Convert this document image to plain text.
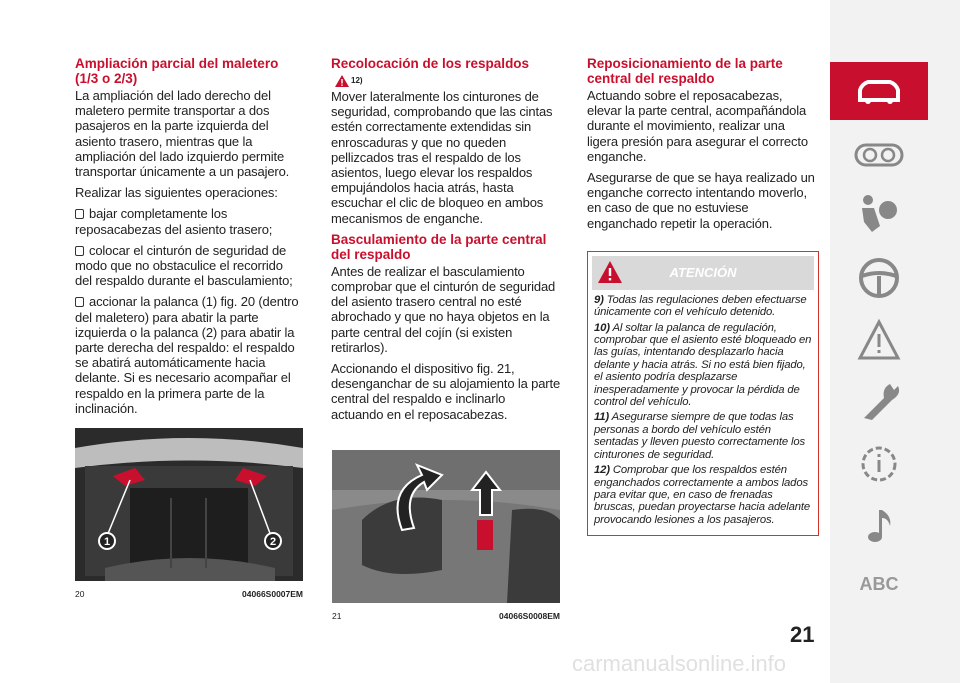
Ampliación parcial del maletero (1/3 o 2/3)

La ampliación del lado derecho del maletero permite transportar a dos pasajeros en la parte izquierda del asiento trasero, mientras que la ampliación del lado izquierdo permite transportar únicamente a un pasajero.

Realizar las siguientes operaciones:

bajar completamente los reposacabezas del asiento trasero;

colocar el cinturón de seguridad de modo que no obstaculice el recorrido del respaldo durante el basculamiento;

accionar la palanca (1) fig. 20 (dentro del maletero) para abatir la parte izquierda o la palanca (2) para abatir la parte derecha del respaldo: el respaldo se abatirá automáticamente hacia delante. Si es necesario acompañar el respaldo en la primera parte de la inclinación.

1	2
20	04066S0007EM
Recolocación de los respaldos
12)

Mover lateralmente los cinturones de seguridad, comprobando que las cintas estén correctamente extendidas sin enroscaduras y que no queden pellizcados tras el respaldo de los asientos, luego elevar los respaldos empujándolos hacia atrás, hasta escuchar el clic de bloqueo en ambos mecanismos de enganche.

Basculamiento de la parte central del respaldo

Antes de realizar el basculamiento comprobar que el cinturón de seguridad del asiento trasero central no esté abrochado y que no haya objetos en la parte central del cojín (si existen retirarlos).

Accionando el dispositivo fig. 21, desenganchar de su alojamiento la parte central del respaldo e inclinarlo actuando en el reposacabezas.

21	04066S0008EM
Reposicionamiento de la parte central del respaldo

Actuando sobre el reposacabezas, elevar la parte central, acompañándola durante el movimiento, realizar una ligera presión para asegurar el correcto enganche.

Asegurarse de que se haya realizado un enganche correcto intentando moverlo, en caso de que no estuviese enganchado repetir la operación.

ATENCIÓN

9) Todas las regulaciones deben efectuarse únicamente con el vehículo detenido.

10) Al soltar la palanca de regulación, comprobar que el asiento esté bloqueado en las guías, intentando desplazarlo hacia delante y hacia atrás. Si no está bien fijado, el asiento podría desplazarse inesperadamente y provocar la pérdida de control del vehículo.

11) Asegurarse siempre de que todas las personas a bordo del vehículo estén sentadas y lleven puesto correctamente los cinturones de seguridad.

12) Comprobar que los respaldos estén enganchados correctamente a ambos lados para evitar que, en caso de frenadas bruscas, puedan proyectarse hacia adelante provocando lesiones a los pasajeros.

ABC
21
carmanualsonline.info
